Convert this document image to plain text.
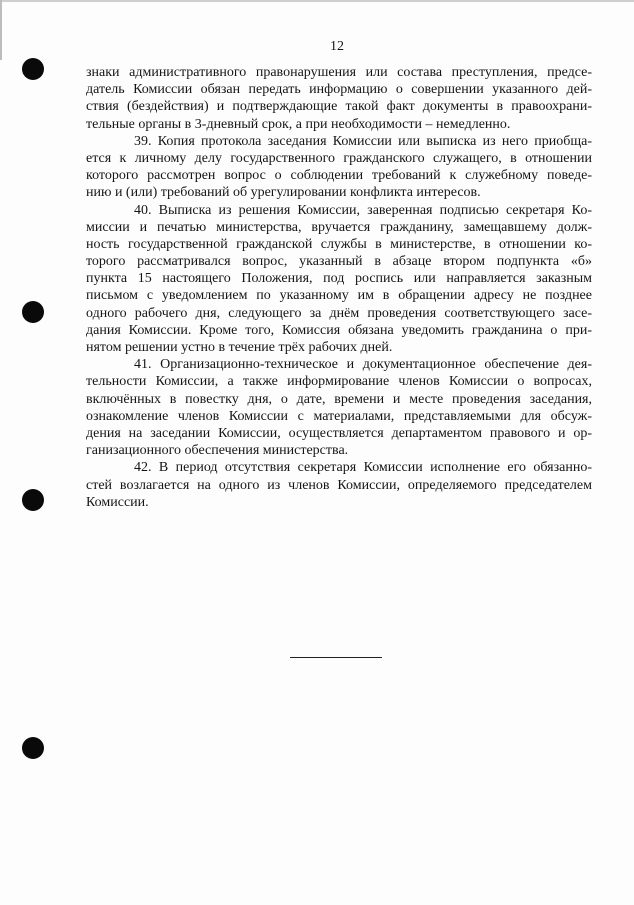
12
знаки административного правонарушения или состава преступления, предсе-
датель Комиссии обязан передать информацию о совершении указанного дей-
ствия (бездействия) и подтверждающие такой факт документы в правоохрани-
тельные органы в 3-дневный срок, а при необходимости – немедленно.
39. Копия протокола заседания Комиссии или выписка из него приобща-
ется к личному делу государственного гражданского служащего, в отношении
которого рассмотрен вопрос о соблюдении требований к служебному поведе-
нию и (или) требований об урегулировании конфликта интересов.
40. Выписка из решения Комиссии, заверенная подписью секретаря Ко-
миссии и печатью министерства, вручается гражданину, замещавшему долж-
ность государственной гражданской службы в министерстве, в отношении ко-
торого рассматривался вопрос, указанный в абзаце втором подпункта «б»
пункта 15 настоящего Положения, под роспись или направляется заказным
письмом с уведомлением по указанному им в обращении адресу не позднее
одного рабочего дня, следующего за днём проведения соответствующего засе-
дания Комиссии. Кроме того, Комиссия обязана уведомить гражданина о при-
нятом решении устно в течение трёх рабочих дней.
41. Организационно-техническое и документационное обеспечение дея-
тельности Комиссии, а также информирование членов Комиссии о вопросах,
включённых в повестку дня, о дате, времени и месте проведения заседания,
ознакомление членов Комиссии с материалами, представляемыми для обсуж-
дения на заседании Комиссии, осуществляется департаментом правового и ор-
ганизационного обеспечения министерства.
42. В период отсутствия секретаря Комиссии исполнение его обязанно-
стей возлагается на одного из членов Комиссии, определяемого председателем
Комиссии.
